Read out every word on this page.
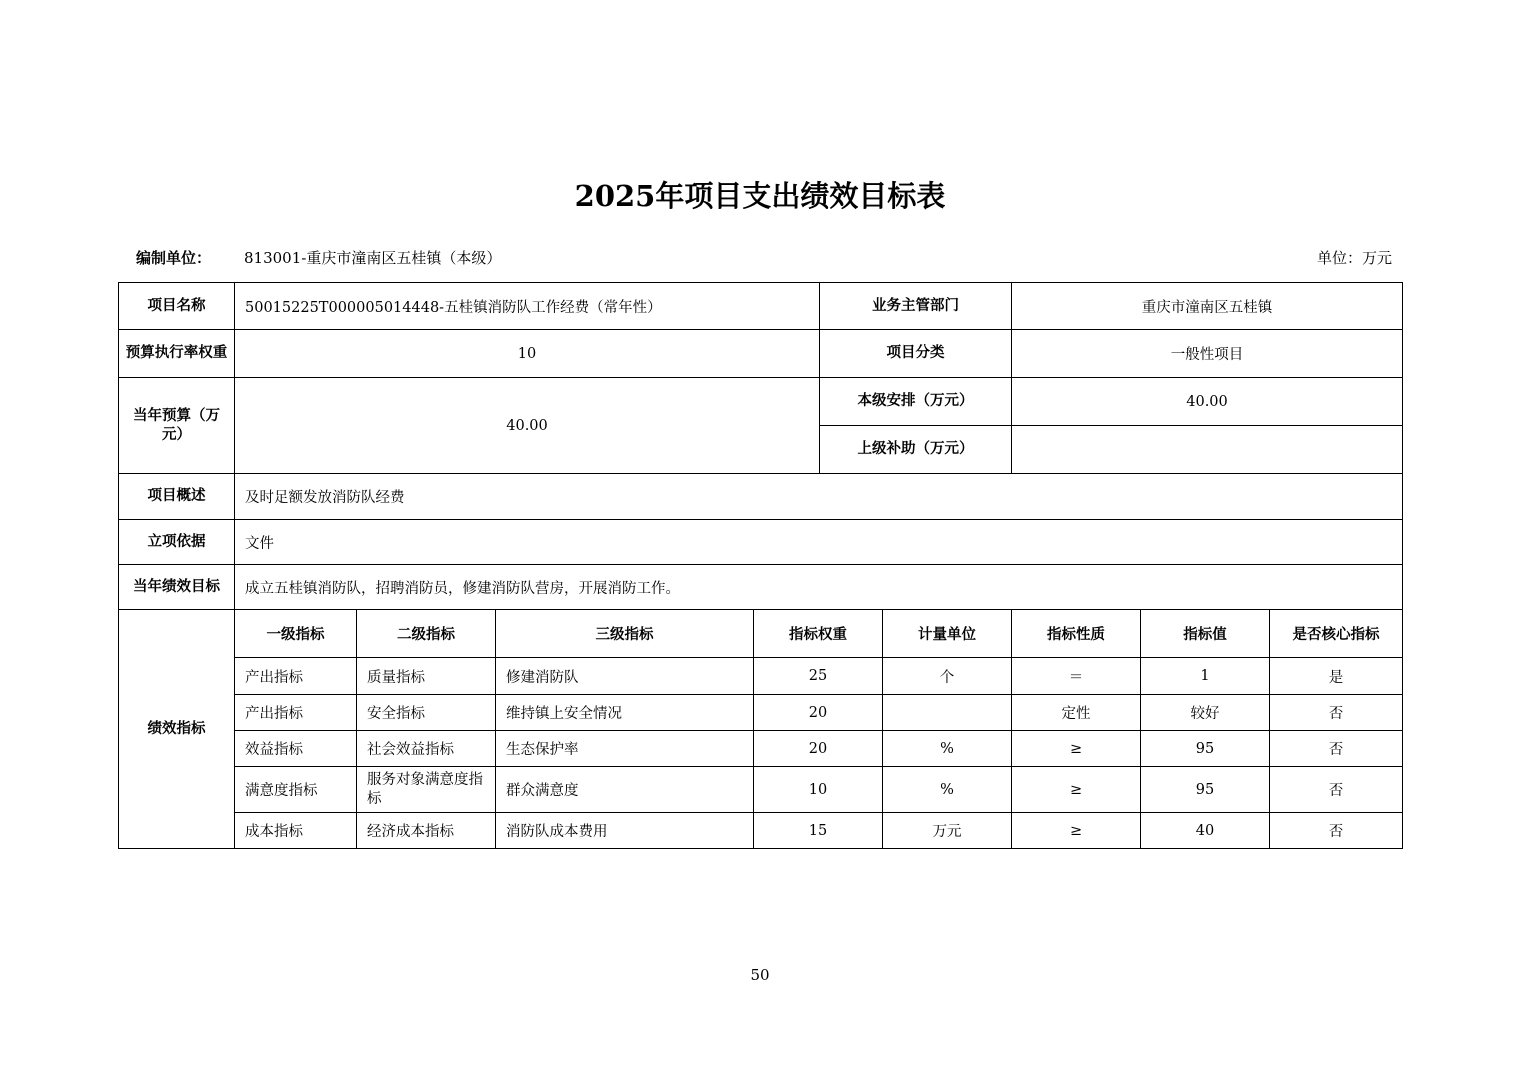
2025年项目支出绩效目标表
编制单位： 813001-重庆市潼南区五桂镇（本级）	单位：万元
项目名称	50015225T000005014448-五桂镇消防队工作经费（常年性）				业务主管部门		重庆市潼南区五桂镇		
预算执行率权重	10				项目分类		一般性项目		
当年预算（万元）	40.00				本级安排（万元）		40.00		
					上级补助（万元）				
项目概述	及时足额发放消防队经费								
立项依据	文件								
当年绩效目标	成立五桂镇消防队，招聘消防员，修建消防队营房，开展消防工作。								
绩效指标	一级指标	二级指标	三级指标	指标权重		计量单位	指标性质	指标值	是否核心指标
	产出指标	质量指标	修建消防队	25		个	＝	1	是
	产出指标	安全指标	维持镇上安全情况	20			定性	较好	否
	效益指标	社会效益指标	生态保护率	20		%	≥	95	否
	满意度指标	服务对象满意度指标	群众满意度	10		%	≥	95	否
	成本指标	经济成本指标	消防队成本费用	15		万元	≥	40	否
50
